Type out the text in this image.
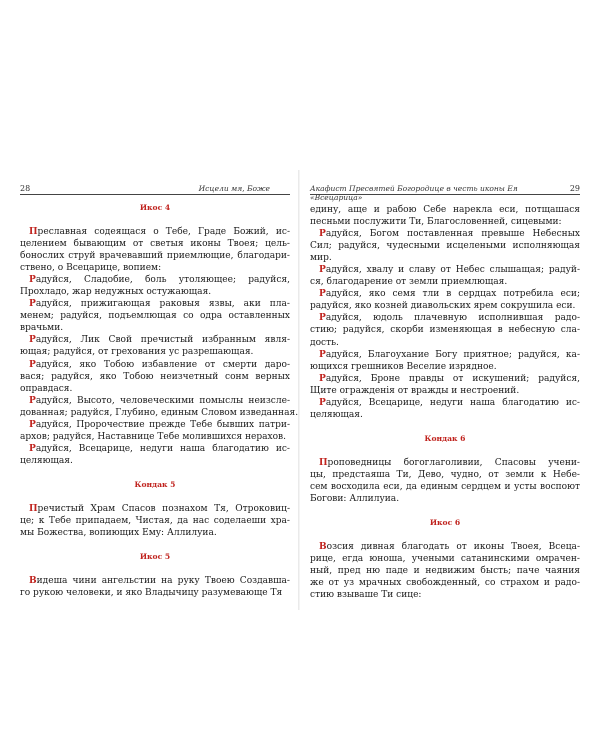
28	Исцели мя, Боже
Икос 4
Преславная содеящася о Тебе, Граде Божий, ис-
целением бывающим от светыя иконы Твоея; цель-
бонослих струй врачевавший приемлющие, благодари-
ствено, о Всецарице, вопием:
Радуйся, Сладобие, боль утоляющее; радуйся,
Прохладо, жар недужных остужающая.
Радуйся, прижигающая раковыя язвы, аки пла-
менем; радуйся, подъемлющая со одра оставленных
врачьми.
Радуйся, Лик Свой пречистый избранным явля-
ющая; радуйся, от грехования ус разрешающая.
Радуйся, яко Тобою избавление от смерти даро-
вася; радуйся, яко Тобою неизчетный сонм верных
оправдася.
Радуйся, Высото, человеческими помыслы неизсле-
дованная; радуйся, Глубино, единым Словом изведанная.
Радуйся, Пророчествие прежде Тебе бывших патри-
архов; радуйся, Наставнице Тебе молившихся нерахов.
Радуйся, Всецарице, недуги наша благодатию ис-
целяющая.
Кондак 5
Пречистый Храм Спасов познахом Тя, Отроковиц-
це; к Тебе припадаем, Чистая, да нас соделаеши хра-
мы Божества, вопиющих Ему: Аллилуиа.
Икос 5
Видеша чини ангельстии на руку Твоею Создавша-
го рукою человеки, и яко Владычицу разумевающе Тя
Акафист Пресвятей Богородице в честь иконы Ея «Всецарица»
29
едину, аще и рабою Себе нарекла еси, потщашася
песньми послужити Ти, Благословенней, сицевыми:
Радуйся, Богом поставленная превыше Небесных
Сил; радуйся, чудесными исцелеными исполняющая
мир.
Радуйся, хвалу и славу от Небес слышащая; радуй-
ся, благодарение от земли приемлющая.
Радуйся, яко семя тли в сердцах потребила еси;
радуйся, яко козней диавольских ярем сокрушила еси.
Радуйся, юдоль плачевную исполнившая радо-
стию; радуйся, скорби изменяющая в небесную сла-
дость.
Радуйся, Благоухание Богу приятное; радуйся, ка-
ющихся грешников Веселие изрядное.
Радуйся, Броне правды от искушений; радуйся,
Щите огражденія от вражды и нестроений.
Радуйся, Всецарице, недуги наша благодатию ис-
целяющая.
Кондак 6
Проповедницы богоглаголивии, Спасовы учени-
цы, предстаяша Ти, Дево, чудно, от земли к Небе-
сем восходила еси, да единым сердцем и усты воспоют
Богови: Аллилуиа.
Икос 6
Возсия дивная благодать от иконы Твоея, Всеца-
рице, егда юноша, учеными сатанинскими омрачен-
ный, пред ню паде и недвижим бысть; паче чаяния
же от уз мрачных свобожденный, со страхом и радо-
стию взываше Ти сице:
